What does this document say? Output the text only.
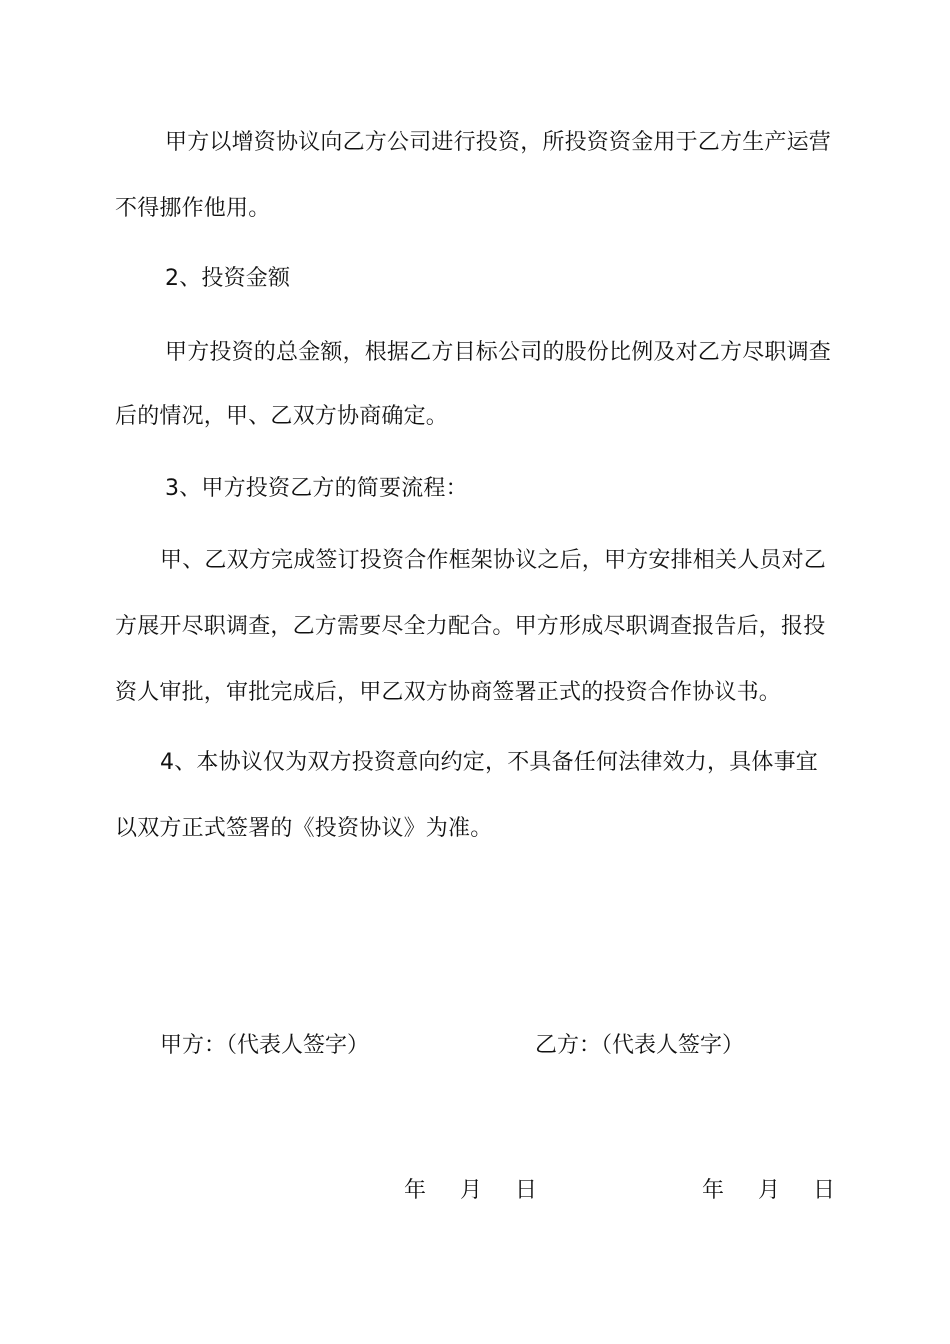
甲方以增资协议向乙方公司进行投资，所投资资金用于乙方生产运营
不得挪作他用。
2、投资金额
甲方投资的总金额，根据乙方目标公司的股份比例及对乙方尽职调查
后的情况，甲、乙双方协商确定。
3、甲方投资乙方的简要流程：
甲、乙双方完成签订投资合作框架协议之后，甲方安排相关人员对乙
方展开尽职调查，乙方需要尽全力配合。甲方形成尽职调查报告后，报投
资人审批，审批完成后，甲乙双方协商签署正式的投资合作协议书。
4、本协议仅为双方投资意向约定，不具备任何法律效力，具体事宜
以双方正式签署的《投资协议》为准。
甲方：（代表人签字）	乙方：（代表人签字）
年 月 日	年 月 日
